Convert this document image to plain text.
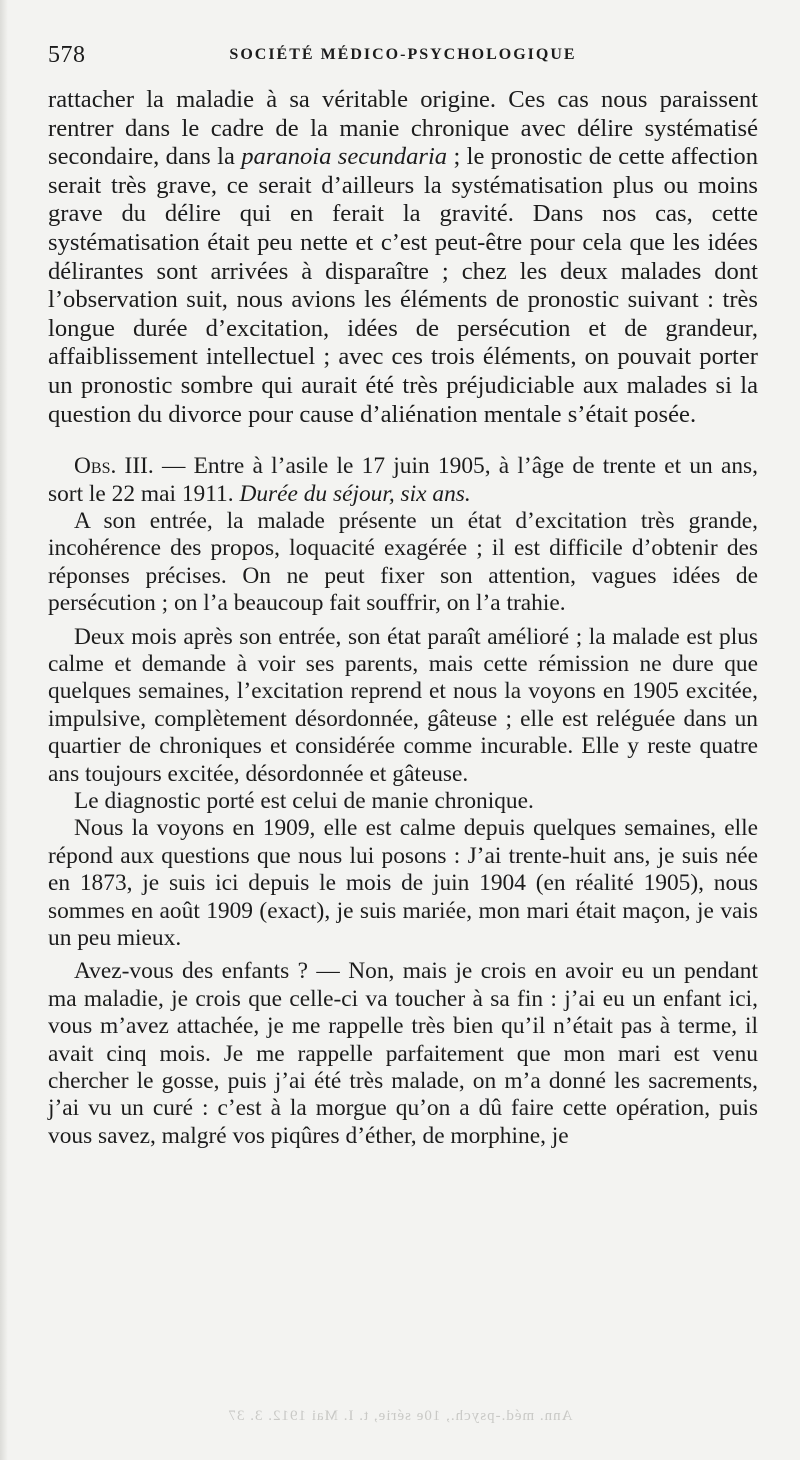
578	SOCIÉTÉ MÉDICO-PSYCHOLOGIQUE

rattacher la maladie à sa véritable origine. Ces cas nous paraissent rentrer dans le cadre de la manie chronique avec délire systématisé secondaire, dans la paranoia secundaria ; le pronostic de cette affection serait très grave, ce serait d’ailleurs la systématisation plus ou moins grave du délire qui en ferait la gravité. Dans nos cas, cette systématisation était peu nette et c’est peut-être pour cela que les idées délirantes sont arrivées à disparaître ; chez les deux malades dont l’observation suit, nous avions les éléments de pronostic suivant : très longue durée d’excitation, idées de persécution et de grandeur, affaiblissement intellectuel ; avec ces trois éléments, on pouvait porter un pronostic sombre qui aurait été très préjudiciable aux malades si la question du divorce pour cause d’aliénation mentale s’était posée.

Obs. III. — Entre à l’asile le 17 juin 1905, à l’âge de trente et un ans, sort le 22 mai 1911. Durée du séjour, six ans.

A son entrée, la malade présente un état d’excitation très grande, incohérence des propos, loquacité exagérée ; il est difficile d’obtenir des réponses précises. On ne peut fixer son attention, vagues idées de persécution ; on l’a beaucoup fait souffrir, on l’a trahie.

Deux mois après son entrée, son état paraît amélioré ; la malade est plus calme et demande à voir ses parents, mais cette rémission ne dure que quelques semaines, l’excitation reprend et nous la voyons en 1905 excitée, impulsive, complètement désordonnée, gâteuse ; elle est reléguée dans un quartier de chroniques et considérée comme incurable. Elle y reste quatre ans toujours excitée, désordonnée et gâteuse.

Le diagnostic porté est celui de manie chronique.

Nous la voyons en 1909, elle est calme depuis quelques semaines, elle répond aux questions que nous lui posons : J’ai trente-huit ans, je suis née en 1873, je suis ici depuis le mois de juin 1904 (en réalité 1905), nous sommes en août 1909 (exact), je suis mariée, mon mari était maçon, je vais un peu mieux.

Avez-vous des enfants ? — Non, mais je crois en avoir eu un pendant ma maladie, je crois que celle-ci va toucher à sa fin : j’ai eu un enfant ici, vous m’avez attachée, je me rappelle très bien qu’il n’était pas à terme, il avait cinq mois. Je me rappelle parfaitement que mon mari est venu chercher le gosse, puis j’ai été très malade, on m’a donné les sacrements, j’ai vu un curé : c’est à la morgue qu’on a dû faire cette opération, puis vous savez, malgré vos piqûres d’éther, de morphine, je

Ann. méd.-psych., 10e série, t. I. Mai 1912. 3. 37
